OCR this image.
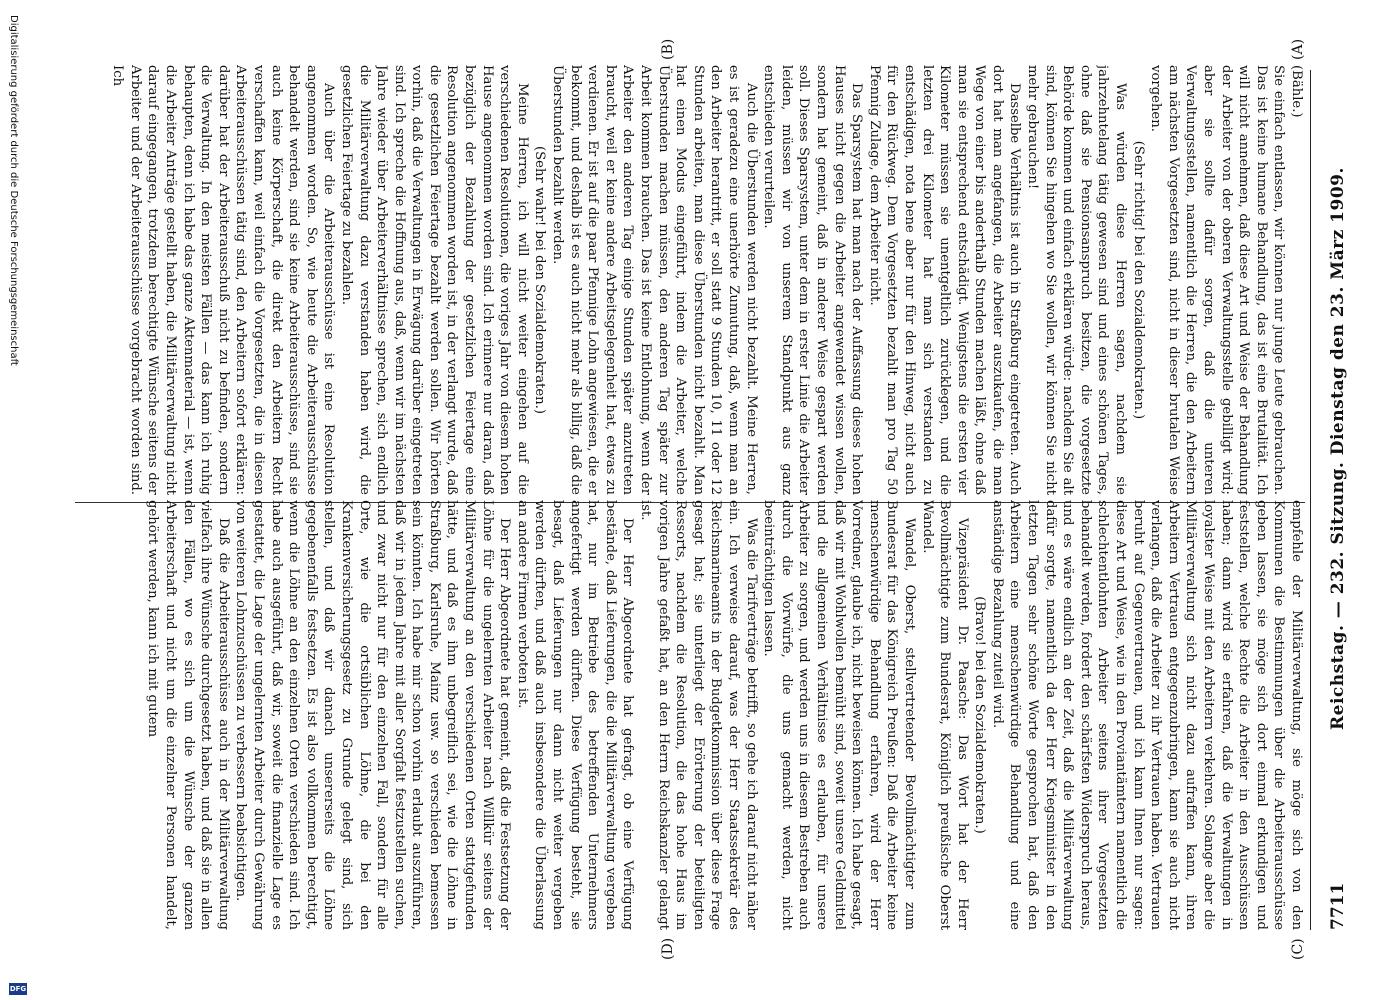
DFG
Digitalisierung gefördert durch die Deutsche Forschungsgemeinschaft
7711
Reichstag. — 232. Sitzung. Dienstag den 23. März 1909.
(C)
(A)
(D)
(B)

(Bähle.)

Sie einfach entlassen, wir können nur junge Leute gebrauchen. Das ist keine humane Behandlung, das ist eine Brutalität. Ich will nicht annehmen, daß diese Art und Weise der Behandlung der Arbeiter von der oberen Verwaltungsstelle gebilligt wird; aber sie sollte dafür sorgen, daß die unteren Verwaltungsstellen, namentlich die Herren, die den Arbeitern am nächsten Vorgesetzten sind, nicht in dieser brutalen Weise vorgehen.

(Sehr richtig! bei den Sozialdemokraten.)

Was würden diese Herren sagen, nachdem sie jahrzehntelang tätig gewesen sind und eines schönen Tages, ohne daß sie Pensionsanspruch besitzen, die vorgesetzte Behörde kommen und einfach erklären würde: nachdem Sie alt sind, können Sie hingehen wo Sie wollen, wir können Sie nicht mehr gebrauchen!

Dasselbe Verhältnis ist auch in Straßburg eingetreten. Auch dort hat man angefangen, die Arbeiter auszukaufen, die man Wege von einer bis anderthalb Stunden machen läßt, ohne daß man sie entsprechend entschädigt. Wenigstens die ersten vier Kilometer müssen sie unentgeltlich zurücklegen, und die letzten drei Kilometer hat man sich verstanden zu entschädigen, nota bene aber nur für den Hinweg, nicht auch für den Rückweg. Dem Vorgesetzten bezahlt man pro Tag 50 Pfennig Zulage, dem Arbeiter nicht.

Das Sparsystem hat man nach der Auffassung dieses hohen Hauses nicht gegen die Arbeiter angewendet wissen wollen, sondern hat gemeint, daß in anderer Weise gespart werden soll. Dieses Sparsystem, unter dem in erster Linie die Arbeiter leiden, müssen wir von unserem Standpunkt aus ganz entschieden verurteilen.

Auch die Überstunden werden nicht bezahlt. Meine Herren, es ist geradezu eine unerhörte Zumutung, daß, wenn man an den Arbeiter herantritt, er soll statt 9 Stunden 10, 11 oder 12 Stunden arbeiten, man diese Überstunden nicht bezahlt. Man hat einen Modus eingeführt, indem die Arbeiter, welche Überstunden machen müssen, den anderen Tag später zur Arbeit kommen brauchen. Das ist keine Entlohnung, wenn der Arbeiter den anderen Tag einige Stunden später anzutreten braucht, weil er keine andere Arbeitsgelegenheit hat, etwas zu verdienen. Er ist auf die paar Pfennige Lohn angewiesen, die er bekommt, und deshalb ist es auch nicht mehr als billig, daß die Überstunden bezahlt werden.

(Sehr wahr! bei den Sozialdemokraten.)

Meine Herren, ich will nicht weiter eingehen auf die verschiedenen Resolutionen, die voriges Jahr von diesem hohen Hause angenommen worden sind. Ich erinnere nur daran, daß bezüglich der Bezahlung der gesetzlichen Feiertage eine Resolution angenommen worden ist, in der verlangt wurde, daß die gesetzlichen Feiertage bezahlt werden sollen. Wir hörten vorhin, daß die Verwaltungen in Erwägung darüber eingetreten sind. Ich spreche die Hoffnung aus, daß, wenn wir im nächsten Jahre wieder über Arbeiterverhältnisse sprechen, sich endlich die Militärverwaltung dazu verstanden haben wird, die gesetzlichen Feiertage zu bezahlen.

Auch über die Arbeiterausschüsse ist eine Resolution angenommen worden. So, wie heute die Arbeiterausschüsse behandelt werden, sind sie keine Arbeiterausschüsse, sind sie auch keine Körperschaft, die direkt den Arbeitern Recht verschaffen kann, weil einfach die Vorgesetzten, die in diesen Arbeiterausschüssen tätig sind, den Arbeitern sofort erklären: darüber hat der Arbeiterausschuß nicht zu befinden, sondern die Verwaltung. In den meisten Fällen — das kann ich ruhig behaupten, denn ich habe das ganze Aktenmaterial — ist, wenn die Arbeiter Anträge gestellt haben, die Militärverwaltung nicht darauf eingegangen, trotzdem berechtigte Wünsche seitens der Arbeiter und der Arbeiterausschüsse vorgebracht worden sind. Ich

empfehle der Militärverwaltung, sie möge sich von den Kommunen die Bestimmungen über die Arbeiterausschüsse geben lassen, sie möge sich dort einmal erkundigen und feststellen, welche Rechte die Arbeiter in den Ausschüssen haben; dann wird sie erfahren, daß die Verwaltungen in loyalster Weise mit den Arbeitern verkehren. Solange aber die Militärverwaltung sich nicht dazu aufraffen kann, ihren Arbeitern Vertrauen entgegenzubringen, kann sie auch nicht verlangen, daß die Arbeiter zu ihr Vertrauen haben. Vertrauen beruht auf Gegenvertrauen, und ich kann Ihnen nur sagen: diese Art und Weise, wie in den Proviantämtern namentlich die schlechtentlohnten Arbeiter seitens ihrer Vorgesetzten behandelt werden, fordert den schärfsten Widerspruch heraus, und es wäre endlich an der Zeit, daß die Militärverwaltung dafür sorgte, namentlich da der Herr Kriegsminister in den letzten Tagen sehr schöne Worte gesprochen hat, daß den Arbeitern eine menschenwürdige Behandlung und eine anständige Bezahlung zuteil wird.

(Bravo! bei den Sozialdemokraten.)

Vizepräsident Dr. Paasche: Das Wort hat der Herr Bevollmächtigte zum Bundesrat, Königlich preußische Oberst Wandel.

Wandel, Oberst, stellvertretender Bevollmächtigter zum Bundesrat für das Königreich Preußen: Daß die Arbeiter keine menschenwürdige Behandlung erfahren, wird der Herr Vorredner, glaube ich, nicht beweisen können. Ich habe gesagt, daß wir mit Wohlwollen bemüht sind, soweit unsere Geldmittel und die allgemeinen Verhältnisse es erlauben, für unsere Arbeiter zu sorgen, und werden uns in diesem Bestreben auch durch die Vorwürfe, die uns gemacht werden, nicht beeinträchtigen lassen.

Was die Tarifverträge betrifft, so gehe ich darauf nicht näher ein. Ich verweise darauf, was der Herr Staatssekretär des Reichsmarineamts in der Budgetkommission über diese Frage gesagt hat; sie unterliegt der Erörterung der beteiligten Ressorts, nachdem die Resolution, die das hohe Haus im vorigen Jahre gefaßt hat, an den Herrn Reichskanzler gelangt ist.

Der Herr Abgeordnete hat gefragt, ob eine Verfügung bestände, daß Lieferungen, die die Militärverwaltung vergeben hat, nur im Betriebe des betreffenden Unternehmers angefertigt werden dürften. Diese Verfügung besteht, sie besagt, daß Lieferungen nur dann nicht weiter vergeben werden dürften, und daß auch insbesondere die Überlassung an andere Firmen verboten ist.

Der Herr Abgeordnete hat gemeint, daß die Festsetzung der Löhne für die ungelernten Arbeiter nach Willkür seitens der Militärverwaltung an den verschiedenen Orten stattgefunden hätte, und daß es ihm unbegreiflich sei, wie die Löhne in Straßburg, Karlsruhe, Mainz usw. so verschieden bemessen sein könnten. Ich habe mir schon vorhin erlaubt auszuführen, daß wir in jedem Jahre mit aller Sorgfalt festzustellen suchen, und zwar nicht nur für den einzelnen Fall, sondern für alle Orte, wie die ortsüblichen Löhne, die bei den Krankenversicherungsgesetz zu Grunde gelegt sind, sich stellen, und daß wir danach unsererseits die Löhne gegebenenfalls festsetzen. Es ist also vollkommen berechtigt, wenn die Löhne an den einzelnen Orten verschieden sind. Ich habe auch ausgeführt, daß wir, soweit die finanzielle Lage es gestattet, die Lage der ungelernten Arbeiter durch Gewährung von weiteren Lohnzuschüssen zu verbessern beabsichtigen.

Daß die Arbeiterausschüsse auch in der Militärverwaltung vielfach ihre Wünsche durchgesetzt haben, und daß sie in allen den Fällen, wo es sich um die Wünsche der ganzen Arbeiterschaft und nicht um die einzelner Personen handelt, gehört werden, kann ich mit gutem
